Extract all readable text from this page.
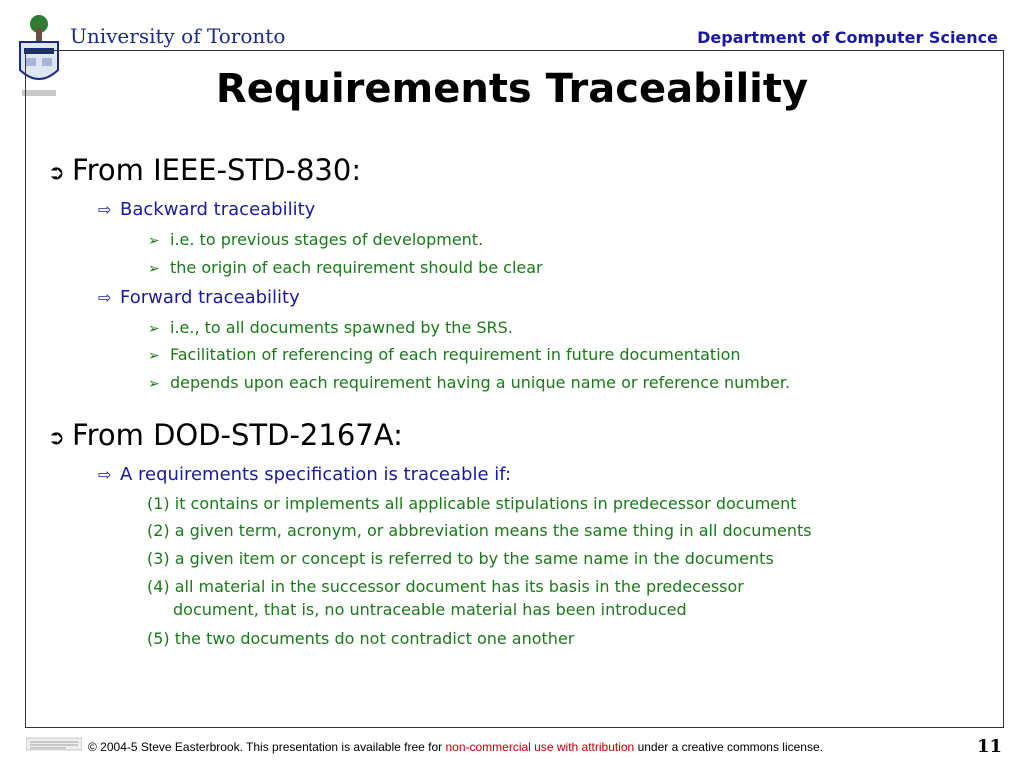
University of Toronto	Department of Computer Science
Requirements Traceability
➲ From IEEE-STD-830:
⇨ Backward traceability
➢ i.e. to previous stages of development.
➢ the origin of each requirement should be clear
⇨ Forward traceability
➢ i.e., to all documents spawned by the SRS.
➢ Facilitation of referencing of each requirement in future documentation
➢ depends upon each requirement having a unique name or reference number.
➲ From DOD-STD-2167A:
⇨ A requirements specification is traceable if:
(1) it contains or implements all applicable stipulations in predecessor document
(2) a given term, acronym, or abbreviation means the same thing in all documents
(3) a given item or concept is referred to by the same name in the documents
(4) all material in the successor document has its basis in the predecessor
document, that is, no untraceable material has been introduced
(5) the two documents do not contradict one another
© 2004-5 Steve Easterbrook. This presentation is available free for non-commercial use with attribution under a creative commons license.	11
